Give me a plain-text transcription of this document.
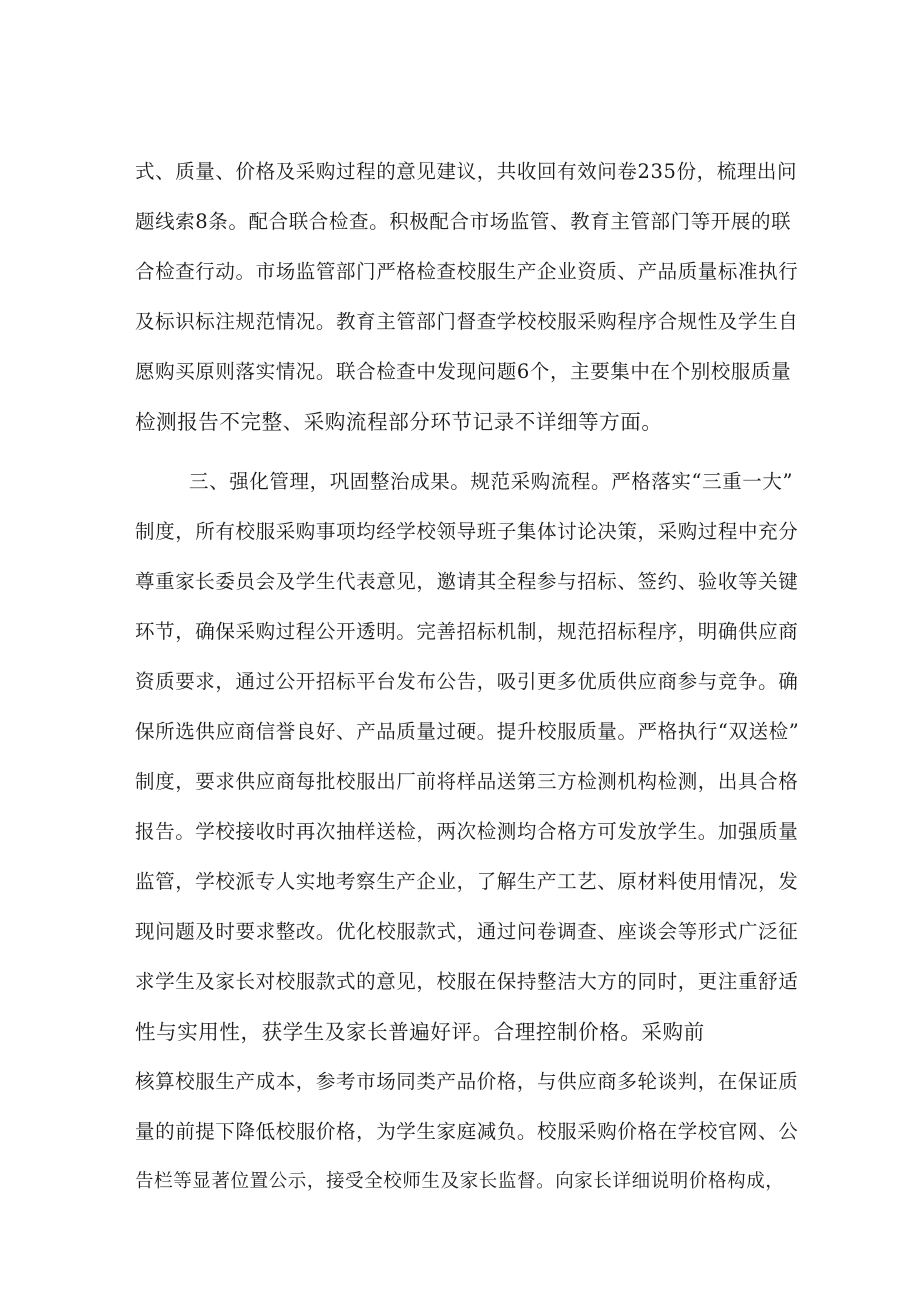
式、质量、价格及采购过程的意见建议，共收回有效问卷235份，梳理出问
题线索8条。配合联合检查。积极配合市场监管、教育主管部门等开展的联
合检查行动。市场监管部门严格检查校服生产企业资质、产品质量标准执行
及标识标注规范情况。教育主管部门督查学校校服采购程序合规性及学生自
愿购买原则落实情况。联合检查中发现问题6个，主要集中在个别校服质量
检测报告不完整、采购流程部分环节记录不详细等方面。
三、强化管理，巩固整治成果。规范采购流程。严格落实“三重一大”
制度，所有校服采购事项均经学校领导班子集体讨论决策，采购过程中充分
尊重家长委员会及学生代表意见，邀请其全程参与招标、签约、验收等关键
环节，确保采购过程公开透明。完善招标机制，规范招标程序，明确供应商
资质要求，通过公开招标平台发布公告，吸引更多优质供应商参与竞争。确
保所选供应商信誉良好、产品质量过硬。提升校服质量。严格执行“双送检”
制度，要求供应商每批校服出厂前将样品送第三方检测机构检测，出具合格
报告。学校接收时再次抽样送检，两次检测均合格方可发放学生。加强质量
监管，学校派专人实地考察生产企业，了解生产工艺、原材料使用情况，发
现问题及时要求整改。优化校服款式，通过问卷调查、座谈会等形式广泛征
求学生及家长对校服款式的意见，校服在保持整洁大方的同时，更注重舒适
性与实用性，获学生及家长普遍好评。合理控制价格。采购前
核算校服生产成本，参考市场同类产品价格，与供应商多轮谈判，在保证质
量的前提下降低校服价格，为学生家庭减负。校服采购价格在学校官网、公
告栏等显著位置公示，接受全校师生及家长监督。向家长详细说明价格构成，
